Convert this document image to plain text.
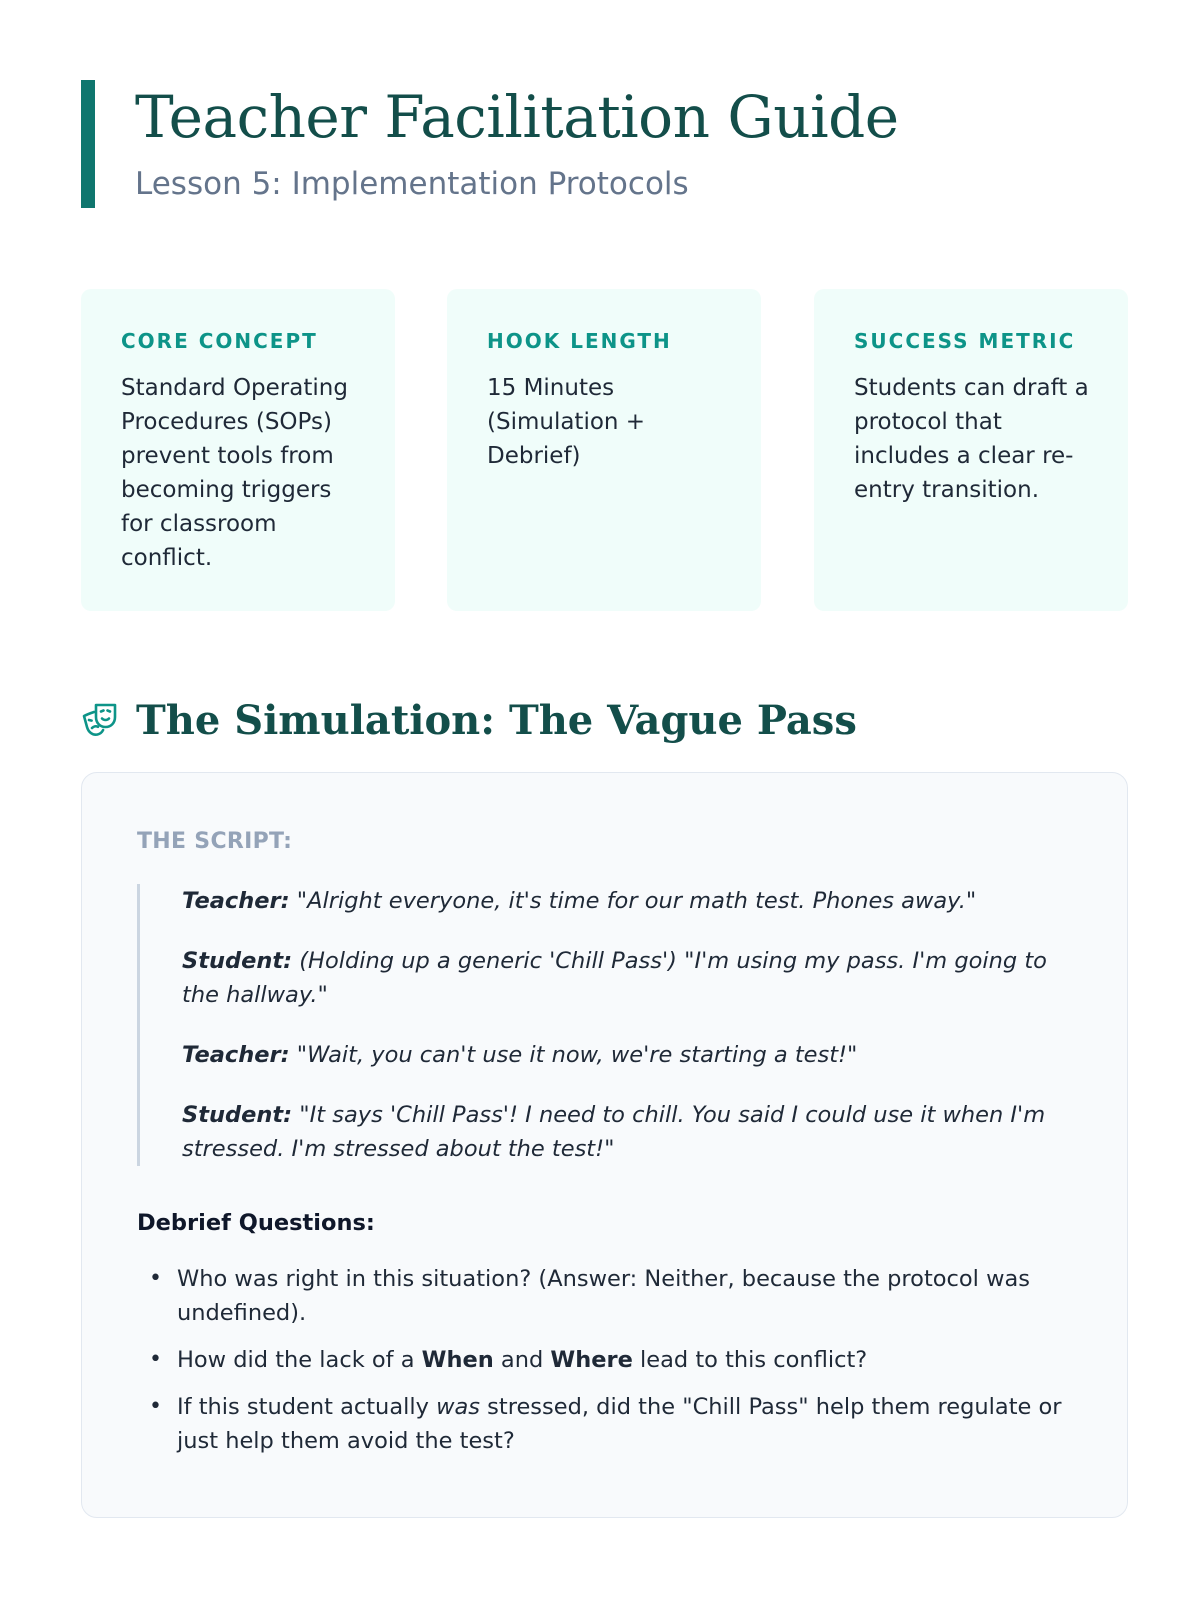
Teacher Facilitation Guide
Lesson 5: Implementation Protocols
CORE CONCEPT
Standard Operating Procedures (SOPs) prevent tools from becoming triggers for classroom conflict.
HOOK LENGTH
15 Minutes (Simulation + Debrief)
SUCCESS METRIC
Students can draft a protocol that includes a clear re-entry transition.
The Simulation: The Vague Pass
THE SCRIPT:

Teacher: "Alright everyone, it's time for our math test. Phones away."

Student: (Holding up a generic 'Chill Pass') "I'm using my pass. I'm going to the hallway."

Teacher: "Wait, you can't use it now, we're starting a test!"

Student: "It says 'Chill Pass'! I need to chill. You said I could use it when I'm stressed. I'm stressed about the test!"

Debrief Questions:
• Who was right in this situation? (Answer: Neither, because the protocol was undefined).
• How did the lack of a When and Where lead to this conflict?
• If this student actually was stressed, did the "Chill Pass" help them regulate or just help them avoid the test?
